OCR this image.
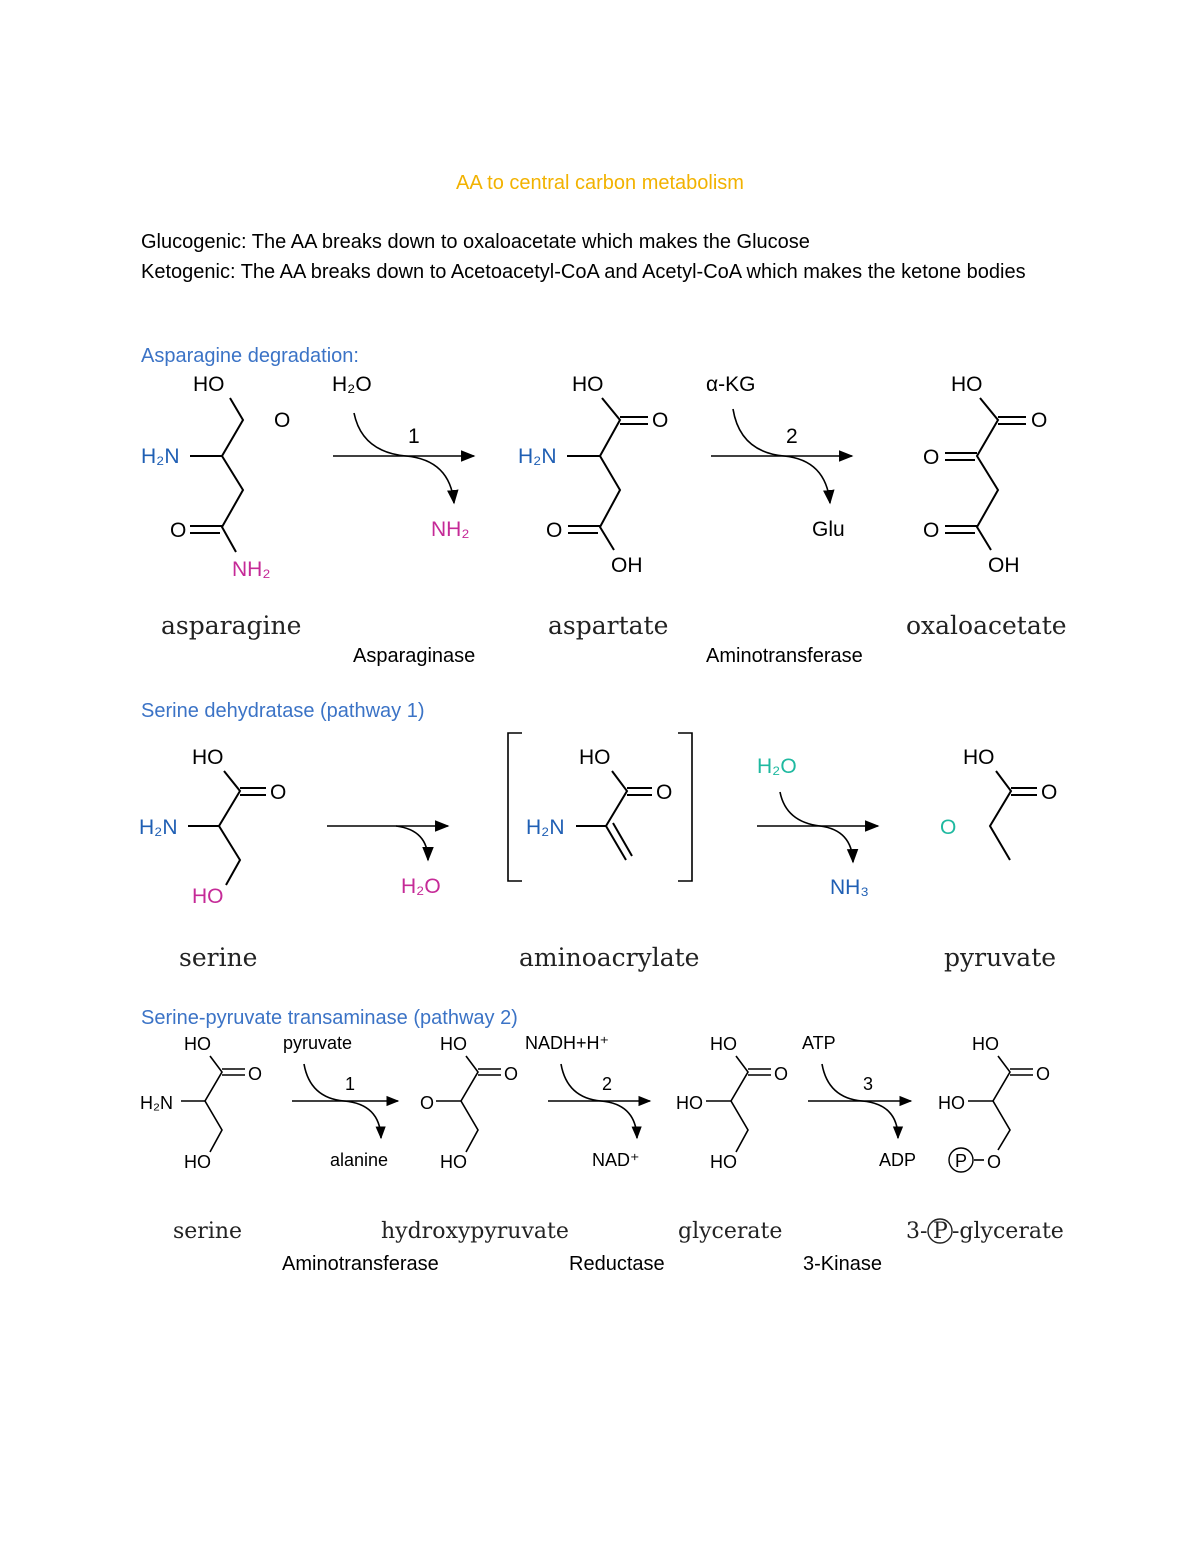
AA to central carbon metabolism
Glucogenic: The AA breaks down to oxaloacetate which makes the Glucose
Ketogenic: The AA breaks down to Acetoacetyl-CoA and Acetyl-CoA which makes the ketone bodies
Asparagine degradation:
HO
O
H₂N
O
NH₂
H₂O
1
NH₂
Asparaginase
HO
O
H₂N
O
OH
α-KG
2
Glu
Aminotransferase
HO
O
O
O
OH
asparagine	aspartate	oxaloacetate
Serine dehydratase (pathway 1)
HO
O
H₂N
HO	H₂O
HO
O
H₂N
H₂O
NH₃
HO
O
O
serine	aminoacrylate	pyruvate
Serine-pyruvate transaminase (pathway 2)
HO
O
H₂N
HO
pyruvate
1
alanine
Aminotransferase
HO
O
O
HO
NADH+H⁺
2
NAD⁺
Reductase
HO
O
HO
HO
ATP
3
ADP
3-Kinase
HO
O
HO
P O
serine	hydroxypyruvate	glycerate	3- P -glycerate
